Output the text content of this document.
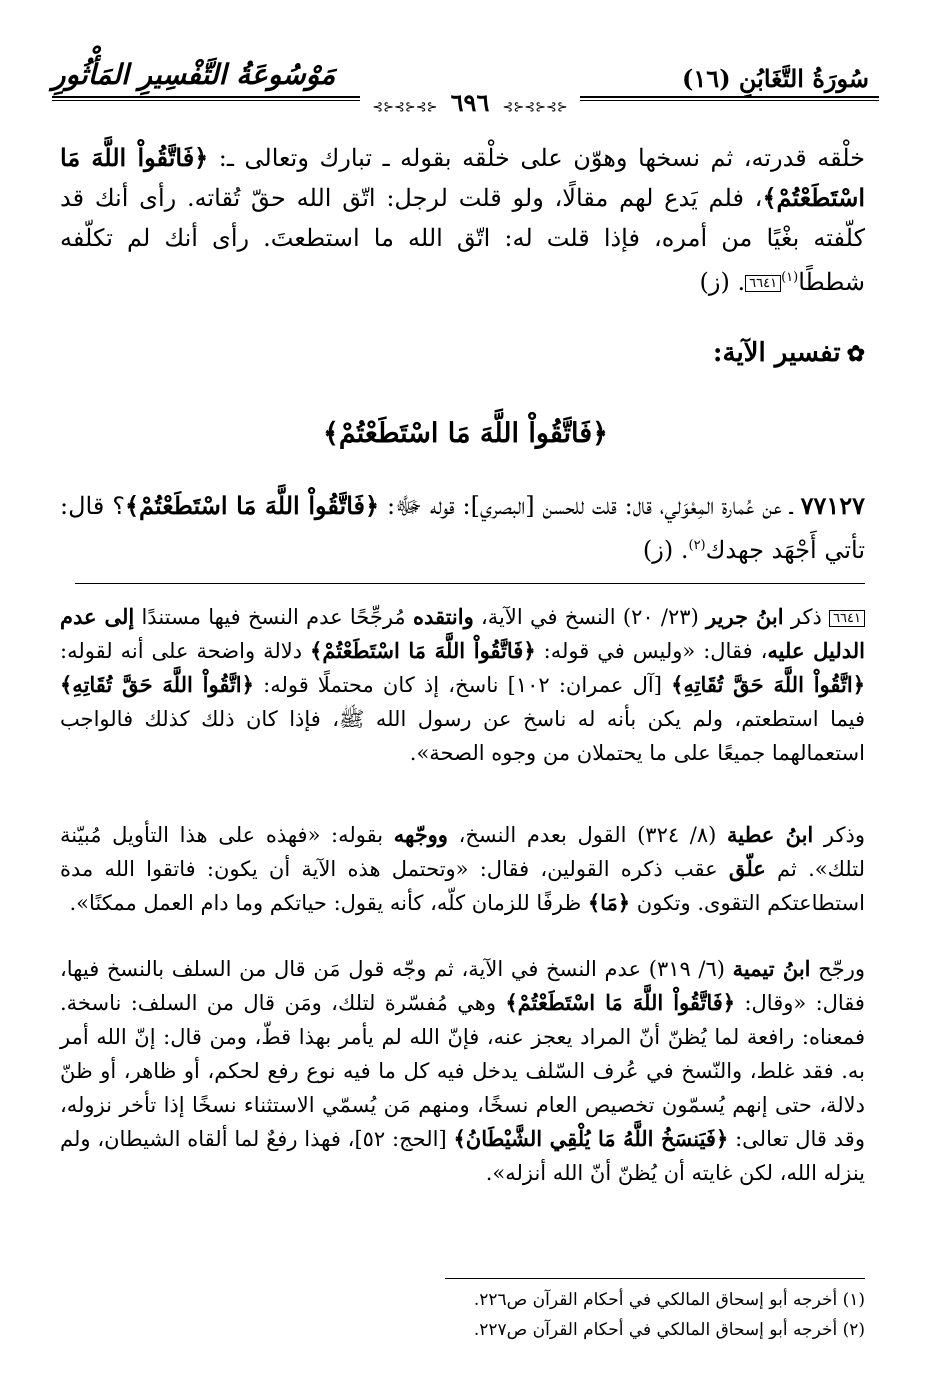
سُورَةُ التَّغَابُنِ (١٦)
مَوْسُوعَةُ التَّفْسِيرِ المَأْثُورِ
⊰⊱⊰⊱⊰⊱ ٦٩٦ ⊰⊱⊰⊱⊰⊱
خلْقه قدرته، ثم نسخها وهوّن على خلْقه بقوله ـ تبارك وتعالى ـ: ﴿فَاتَّقُواْ اللَّهَ مَا اسْتَطَعْتُمْ﴾، فلم يَدع لهم مقالًا، ولو قلت لرجل: اتّق الله حقّ تُقاته. رأى أنك قد كلّفته بغْيًا من أمره، فإذا قلت له: اتّق الله ما استطعتَ. رأى أنك لم تكلّفه شططًا$^{(١)}$٦٦٤١. (ز)
✿تفسير الآية:
﴿فَاتَّقُواْ اللَّهَ مَا اسْتَطَعْتُمْ﴾
٧٧١٢٧ ـ عن عُمارة المِعْوَلي، قال: قلت للحسن [البصري]: قوله ﷻ: ﴿فَاتَّقُواْ اللَّهَ مَا اسْتَطَعْتُمْ﴾؟ قال: تأتي أَجْهَد جهدك$^{(٢)}$. (ز)
٦٦٤١ ذكر ابنُ جرير (٢٣/ ٢٠) النسخ في الآية، وانتقده مُرجِّحًا عدم النسخ فيها مستندًا إلى عدم الدليل عليه، فقال: «وليس في قوله: ﴿فَاتَّقُواْ اللَّهَ مَا اسْتَطَعْتُمْ﴾ دلالة واضحة على أنه لقوله: ﴿اتَّقُواْ اللَّهَ حَقَّ تُقَاتِهِ﴾ [آل عمران: ١٠٢] ناسخ، إذ كان محتملًا قوله: ﴿اتَّقُواْ اللَّهَ حَقَّ تُقَاتِهِ﴾ فيما استطعتم، ولم يكن بأنه له ناسخ عن رسول الله ﷺ، فإذا كان ذلك كذلك فالواجب استعمالهما جميعًا على ما يحتملان من وجوه الصحة».
وذكر ابنُ عطية (٨/ ٣٢٤) القول بعدم النسخ، ووجّهه بقوله: «فهذه على هذا التأويل مُبيّنة لتلك». ثم علّق عقب ذكره القولين، فقال: «وتحتمل هذه الآية أن يكون: فاتقوا الله مدة استطاعتكم التقوى. وتكون ﴿مَا﴾ ظرفًا للزمان كلّه، كأنه يقول: حياتكم وما دام العمل ممكنًا».
ورجّح ابنُ تيمية (٦/ ٣١٩) عدم النسخ في الآية، ثم وجّه قول مَن قال من السلف بالنسخ فيها، فقال: «وقال: ﴿فَاتَّقُواْ اللَّهَ مَا اسْتَطَعْتُمْ﴾ وهي مُفسّرة لتلك، ومَن قال من السلف: ناسخة. فمعناه: رافعة لما يُظنّ أنّ المراد يعجز عنه، فإنّ الله لم يأمر بهذا قطّ، ومن قال: إنّ الله أمر به. فقد غلط، والنّسخ في عُرف السّلف يدخل فيه كل ما فيه نوع رفع لحكم، أو ظاهر، أو ظنّ دلالة، حتى إنهم يُسمّون تخصيص العام نسخًا، ومنهم مَن يُسمّي الاستثناء نسخًا إذا تأخر نزوله، وقد قال تعالى: ﴿فَيَنسَخُ اللَّهُ مَا يُلْقِي الشَّيْطَانُ﴾ [الحج: ٥٢]، فهذا رفعٌ لما ألقاه الشيطان، ولم ينزله الله، لكن غايته أن يُظنّ أنّ الله أنزله».
(١) أخرجه أبو إسحاق المالكي في أحكام القرآن ص٢٢٦.
(٢) أخرجه أبو إسحاق المالكي في أحكام القرآن ص٢٢٧.
